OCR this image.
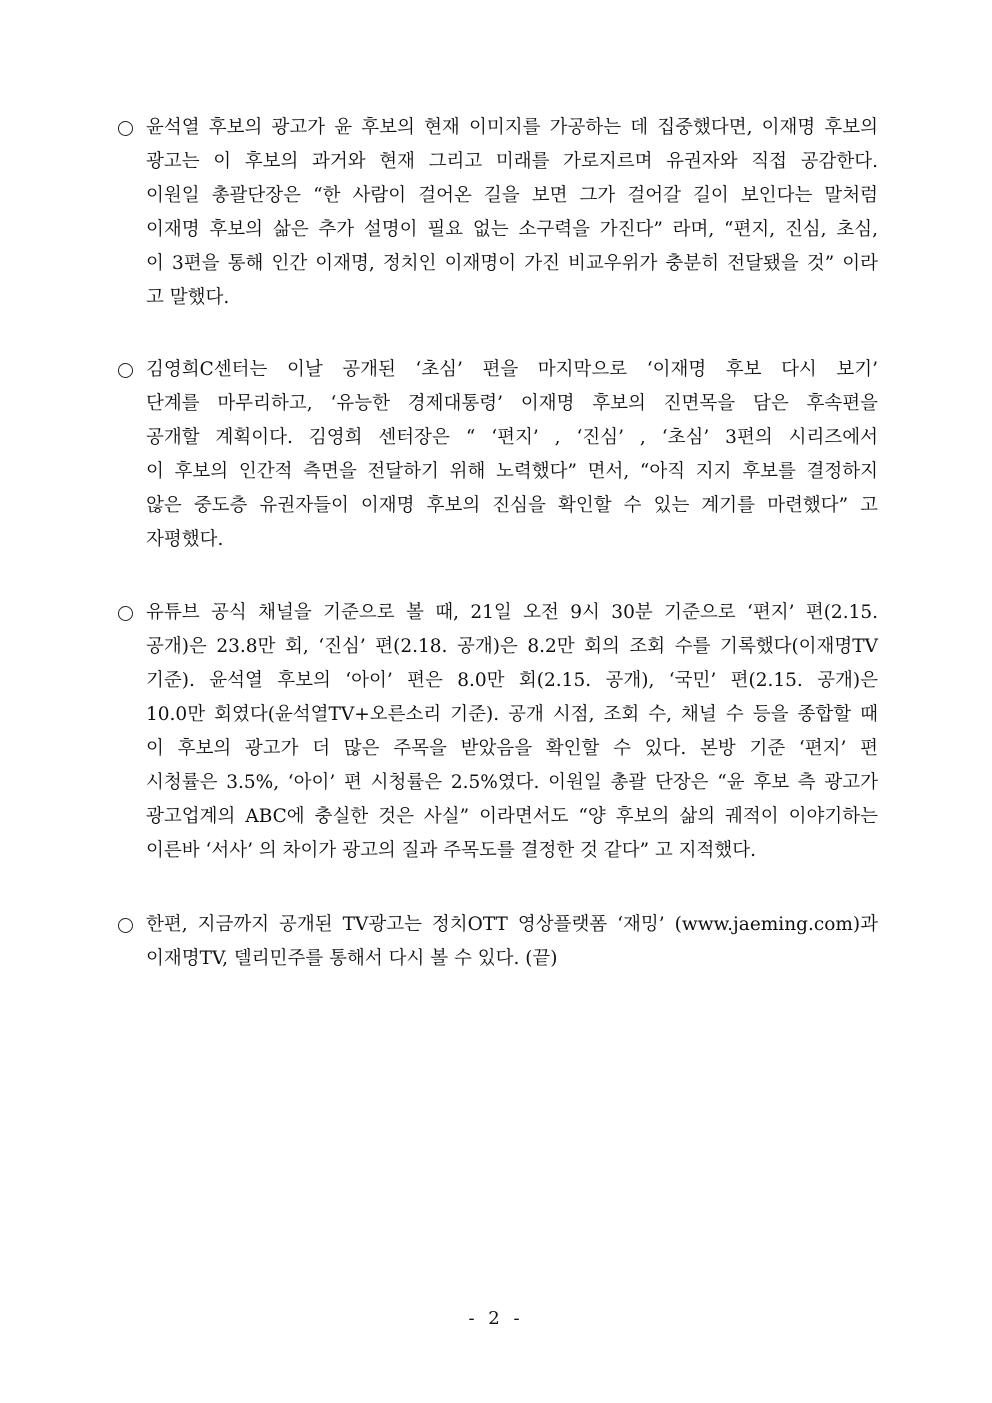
윤석열 후보의 광고가 윤 후보의 현재 이미지를 가공하는 데 집중했다면, 이재명 후보의
광고는 이 후보의 과거와 현재 그리고 미래를 가로지르며 유권자와 직접 공감한다.
이원일 총괄단장은 “한 사람이 걸어온 길을 보면 그가 걸어갈 길이 보인다는 말처럼
이재명 후보의 삶은 추가 설명이 필요 없는 소구력을 가진다” 라며, “편지, 진심, 초심,
이 3편을 통해 인간 이재명, 정치인 이재명이 가진 비교우위가 충분히 전달됐을 것” 이라
고 말했다.
김영희C센터는 이날 공개된 ‘초심’ 편을 마지막으로 ‘이재명 후보 다시 보기’
단계를 마무리하고, ‘유능한 경제대통령’ 이재명 후보의 진면목을 담은 후속편을
공개할 계획이다. 김영희 센터장은 “ ‘편지’ , ‘진심’ , ‘초심’ 3편의 시리즈에서
이 후보의 인간적 측면을 전달하기 위해 노력했다” 면서, “아직 지지 후보를 결정하지
않은 중도층 유권자들이 이재명 후보의 진심을 확인할 수 있는 계기를 마련했다” 고
자평했다.
유튜브 공식 채널을 기준으로 볼 때, 21일 오전 9시 30분 기준으로 ‘편지’ 편(2.15.
공개)은 23.8만 회, ‘진심’ 편(2.18. 공개)은 8.2만 회의 조회 수를 기록했다(이재명TV
기준). 윤석열 후보의 ‘아이’ 편은 8.0만 회(2.15. 공개), ‘국민’ 편(2.15. 공개)은
10.0만 회였다(윤석열TV+오른소리 기준). 공개 시점, 조회 수, 채널 수 등을 종합할 때
이 후보의 광고가 더 많은 주목을 받았음을 확인할 수 있다. 본방 기준 ‘편지’ 편
시청률은 3.5%, ‘아이’ 편 시청률은 2.5%였다. 이원일 총괄 단장은 “윤 후보 측 광고가
광고업계의 ABC에 충실한 것은 사실” 이라면서도 “양 후보의 삶의 궤적이 이야기하는
이른바 ‘서사’ 의 차이가 광고의 질과 주목도를 결정한 것 같다” 고 지적했다.
한편, 지금까지 공개된 TV광고는 정치OTT 영상플랫폼 ‘재밍’ (www.jaeming.com)과
이재명TV, 델리민주를 통해서 다시 볼 수 있다. (끝)
- 2 -
